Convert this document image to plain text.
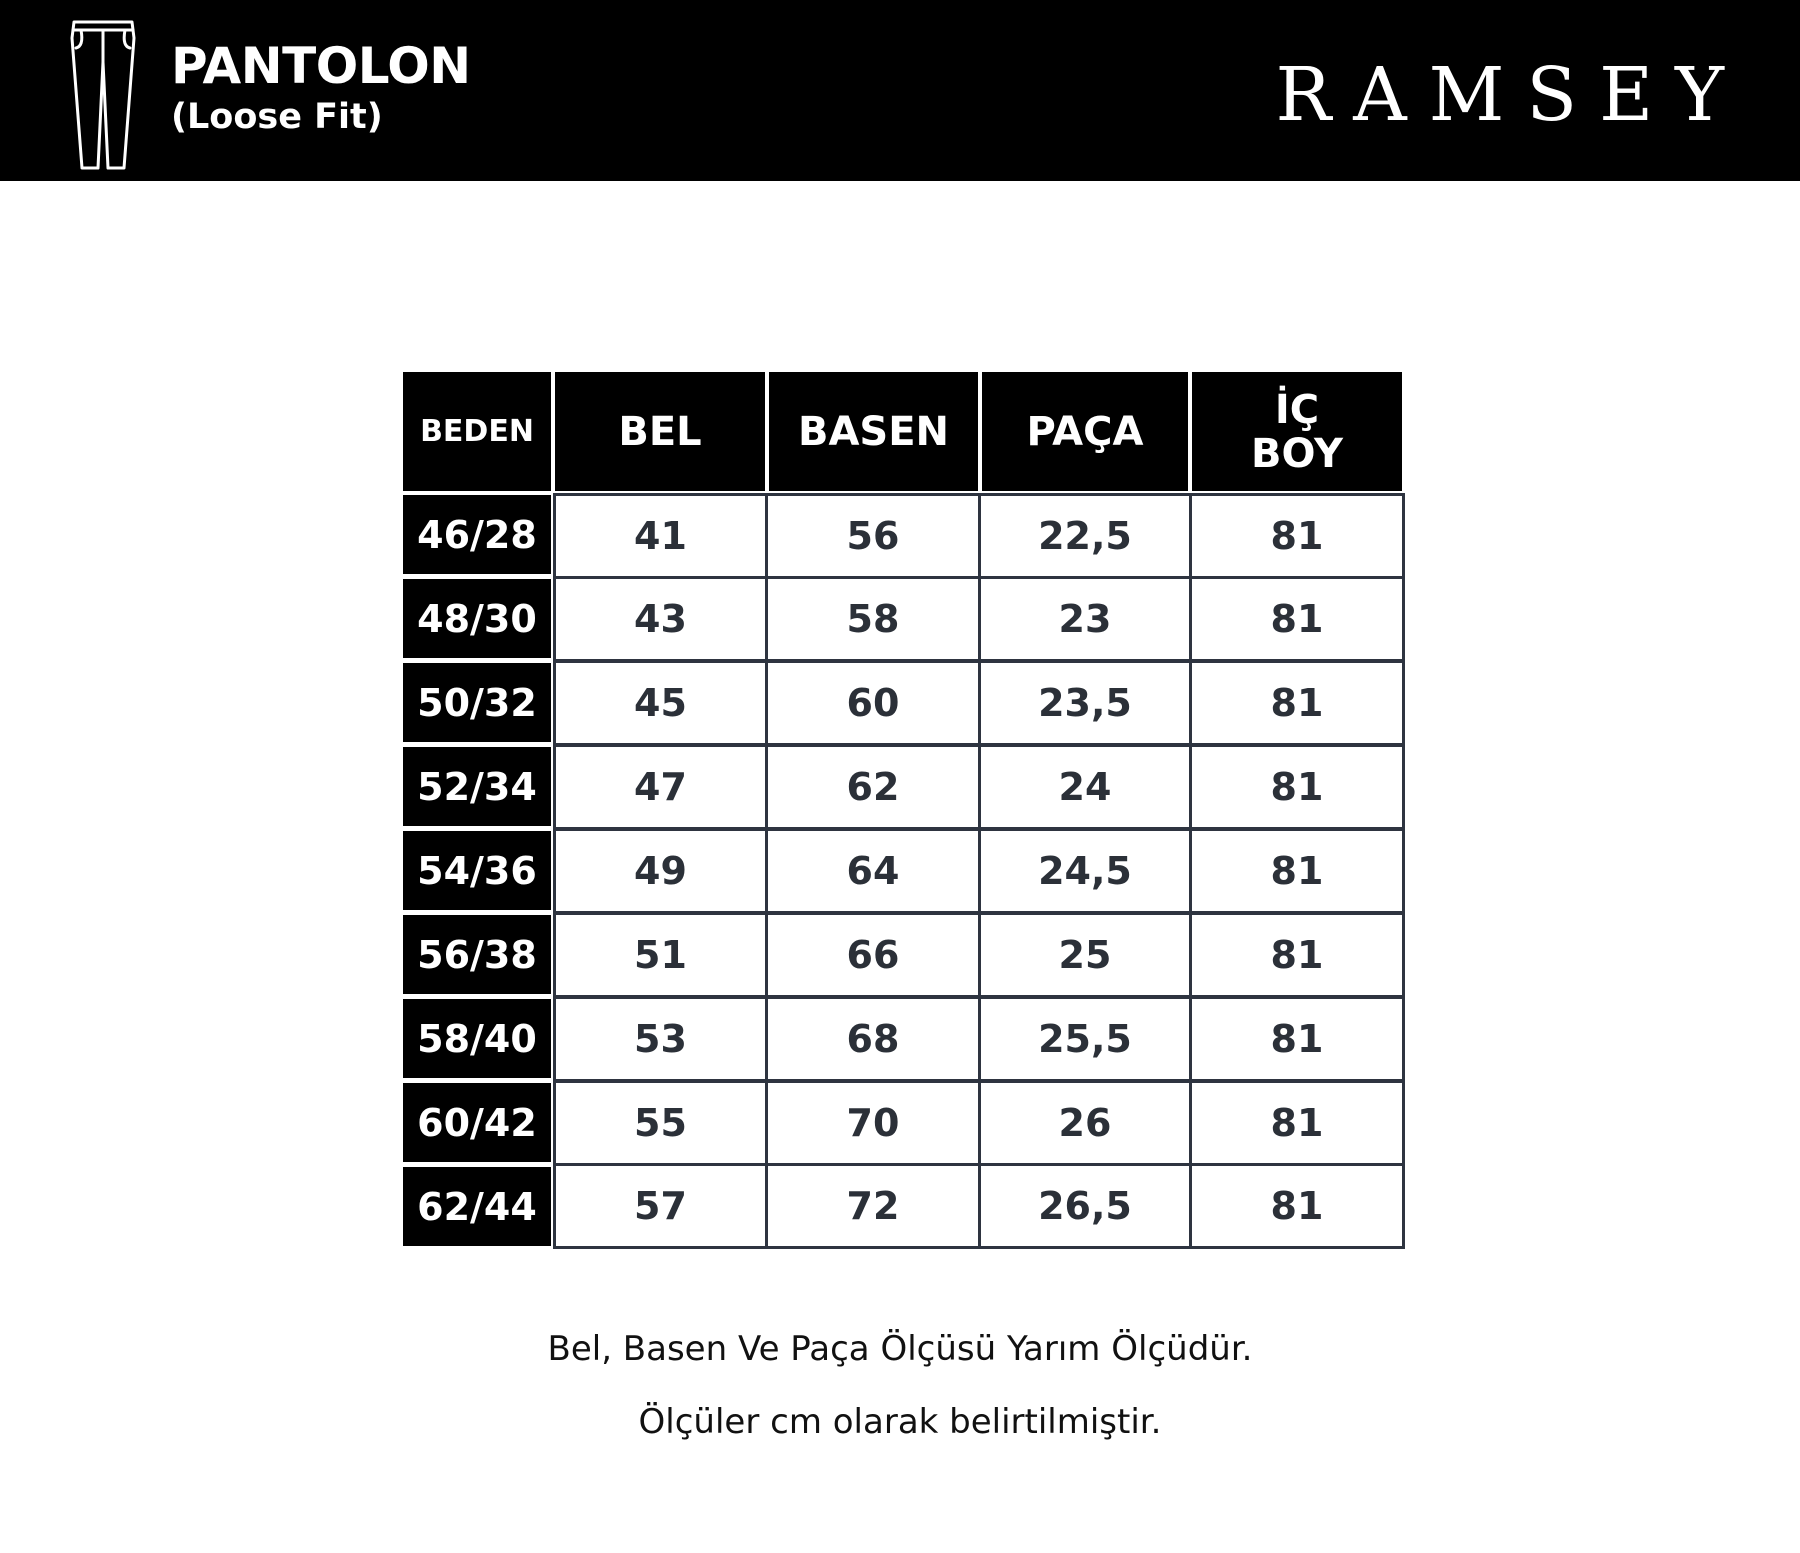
PANTOLON
(Loose Fit)	RAMSEY
BEDEN	BEL	BASEN	PAÇA	İÇ
BOY
46/28	41	56	22,5	81
48/30	43	58	23	81
50/32	45	60	23,5	81
52/34	47	62	24	81
54/36	49	64	24,5	81
56/38	51	66	25	81
58/40	53	68	25,5	81
60/42	55	70	26	81
62/44	57	72	26,5	81
Bel, Basen Ve Paça Ölçüsü Yarım Ölçüdür.
Ölçüler cm olarak belirtilmiştir.
